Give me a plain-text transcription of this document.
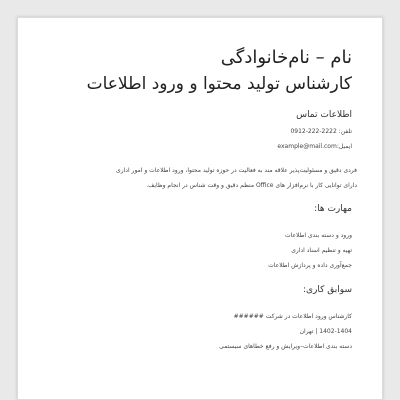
نام – نام‌خانوادگی
کارشناس تولید محتوا و ورود اطلاعات

اطلاعات تماس

تلفن: 0912-222-2222

ایمیل:example@mail.com

فردی دقیق و مسئولیت‌پذیر علاقه مند به فعالیت در حوزه تولید محتوا، ورود اطلاعات و امور اداری

دارای توانایی کار با نرم‌افزار های Office منظم دقیق و وقت شناس در انجام وظایف.

مهارت ها:

ورود و دسته بندی اطلاعات

تهیه و تنظیم اسناد اداری

جمع‌آوری داده و پردازش اطلاعات

سوابق کاری:

کارشناس ورود اطلاعات در شرکت ######

1402-1404 | تهران

دسته بندی اطلاعات–ویرایش و رفع خطاهای سیستمی
